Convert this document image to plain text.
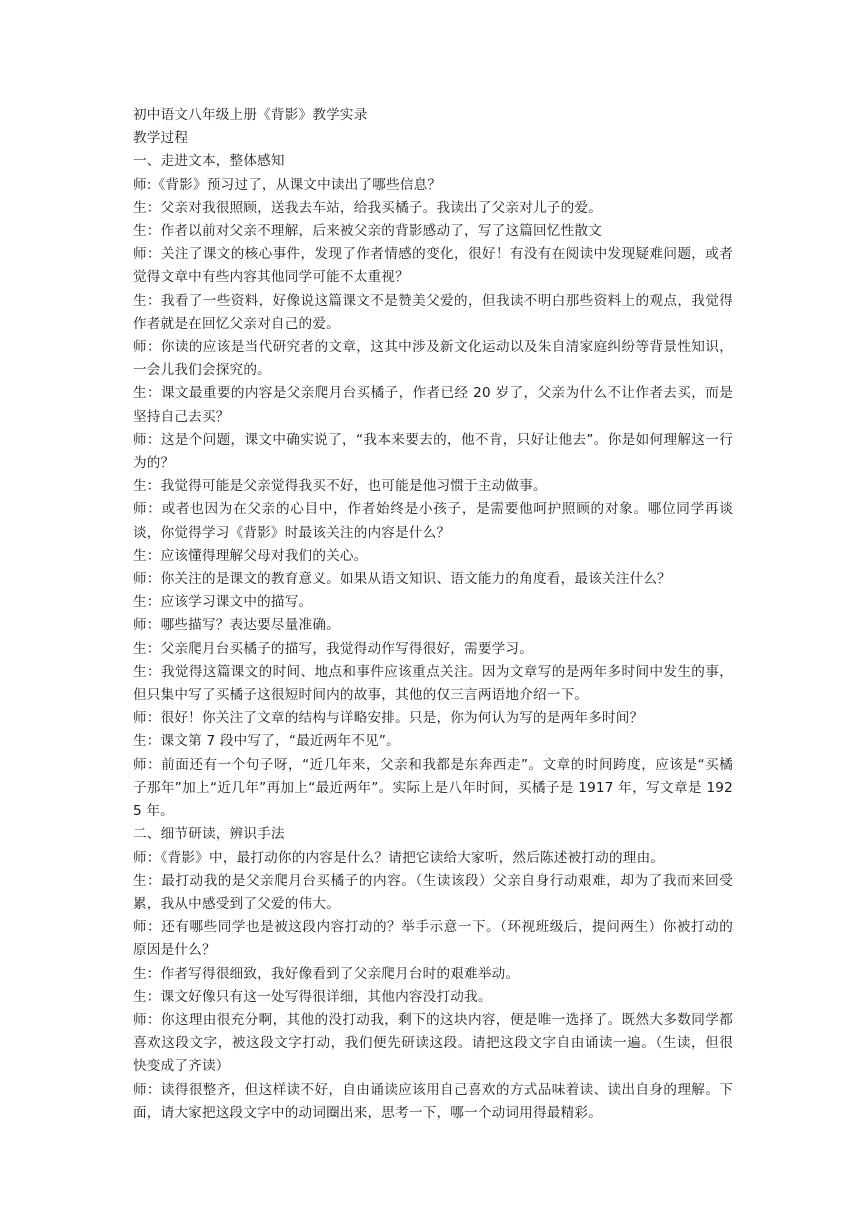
初中语文八年级上册《背影》教学实录

教学过程

一、走进文本，整体感知

师:《背影》预习过了，从课文中读出了哪些信息？

生：父亲对我很照顾，送我去车站，给我买橘子。我读出了父亲对儿子的爱。

生：作者以前对父亲不理解，后来被父亲的背影感动了，写了这篇回忆性散文

师：关注了课文的核心事件，发现了作者情感的变化，很好！有没有在阅读中发现疑难问题，或者觉得文章中有些内容其他同学可能不太重视？

生：我看了一些资料，好像说这篇课文不是赞美父爱的，但我读不明白那些资料上的观点，我觉得作者就是在回忆父亲对自己的爱。

师：你读的应该是当代研究者的文章，这其中涉及新文化运动以及朱自清家庭纠纷等背景性知识，一会儿我们会探究的。

生：课文最重要的内容是父亲爬月台买橘子，作者已经 20 岁了，父亲为什么不让作者去买，而是坚持自己去买？

师：这是个问题，课文中确实说了，“我本来要去的，他不肯，只好让他去”。你是如何理解这一行为的？

生：我觉得可能是父亲觉得我买不好，也可能是他习惯于主动做事。

师：或者也因为在父亲的心目中，作者始终是小孩子，是需要他呵护照顾的对象。哪位同学再谈谈，你觉得学习《背影》时最该关注的内容是什么？

生：应该懂得理解父母对我们的关心。

师：你关注的是课文的教育意义。如果从语文知识、语文能力的角度看，最该关注什么？

生：应该学习课文中的描写。

师：哪些描写？表达要尽量准确。

生：父亲爬月台买橘子的描写，我觉得动作写得很好，需要学习。

生：我觉得这篇课文的时间、地点和事件应该重点关注。因为文章写的是两年多时间中发生的事，但只集中写了买橘子这很短时间内的故事，其他的仅三言两语地介绍一下。

师：很好！你关注了文章的结构与详略安排。只是，你为何认为写的是两年多时间？

生：课文第 7 段中写了，“最近两年不见”。

师：前面还有一个句子呀，“近几年来，父亲和我都是东奔西走”。文章的时间跨度，应该是“买橘子那年”加上“近几年”再加上“最近两年”。实际上是八年时间，买橘子是 1917 年，写文章是 1925 年。

二、细节研读，辨识手法

师：《背影》中，最打动你的内容是什么？请把它读给大家听，然后陈述被打动的理由。

生：最打动我的是父亲爬月台买橘子的内容。（生读该段）父亲自身行动艰难，却为了我而来回受累，我从中感受到了父爱的伟大。

师：还有哪些同学也是被这段内容打动的？举手示意一下。（环视班级后，提问两生）你被打动的原因是什么？

生：作者写得很细致，我好像看到了父亲爬月台时的艰难举动。

生：课文好像只有这一处写得很详细，其他内容没打动我。

师：你这理由很充分啊，其他的没打动我，剩下的这块内容，便是唯一选择了。既然大多数同学都喜欢这段文字，被这段文字打动，我们便先研读这段。请把这段文字自由诵读一遍。（生读，但很快变成了齐读）

师：读得很整齐，但这样读不好，自由诵读应该用自己喜欢的方式品味着读、读出自身的理解。下面，请大家把这段文字中的动词圈出来，思考一下，哪一个动词用得最精彩。
